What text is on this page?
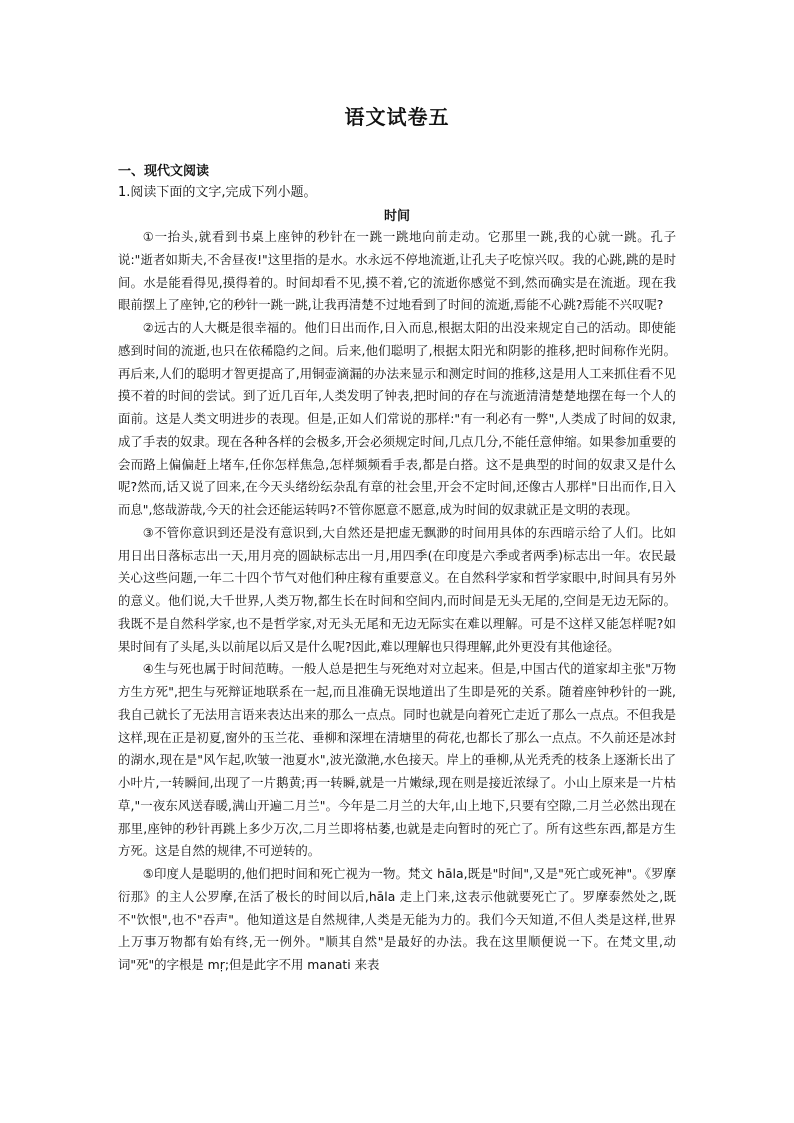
语文试卷五
一、现代文阅读

1.阅读下面的文字,完成下列小题。

时间

①一抬头,就看到书桌上座钟的秒针在一跳一跳地向前走动。它那里一跳,我的心就一跳。孔子说:"逝者如斯夫,不舍昼夜!"这里指的是水。水永远不停地流逝,让孔夫子吃惊兴叹。我的心跳,跳的是时间。水是能看得见,摸得着的。时间却看不见,摸不着,它的流逝你感觉不到,然而确实是在流逝。现在我眼前摆上了座钟,它的秒针一跳一跳,让我再清楚不过地看到了时间的流逝,焉能不心跳?焉能不兴叹呢?

②远古的人大概是很幸福的。他们日出而作,日入而息,根据太阳的出没来规定自己的活动。即使能感到时间的流逝,也只在依稀隐约之间。后来,他们聪明了,根据太阳光和阴影的推移,把时间称作光阴。再后来,人们的聪明才智更提高了,用铜壶滴漏的办法来显示和测定时间的推移,这是用人工来抓住看不见摸不着的时间的尝试。到了近几百年,人类发明了钟表,把时间的存在与流逝清清楚楚地摆在每一个人的面前。这是人类文明进步的表现。但是,正如人们常说的那样:"有一利必有一弊",人类成了时间的奴隶,成了手表的奴隶。现在各种各样的会极多,开会必须规定时间,几点几分,不能任意伸缩。如果参加重要的会而路上偏偏赶上堵车,任你怎样焦急,怎样频频看手表,都是白搭。这不是典型的时间的奴隶又是什么呢?然而,话又说了回来,在今天头绪纷纭杂乱有章的社会里,开会不定时间,还像古人那样"日出而作,日入而息",悠哉游哉,今天的社会还能运转吗?不管你愿意不愿意,成为时间的奴隶就正是文明的表现。

③不管你意识到还是没有意识到,大自然还是把虚无飘渺的时间用具体的东西暗示给了人们。比如用日出日落标志出一天,用月亮的圆缺标志出一月,用四季(在印度是六季或者两季)标志出一年。农民最关心这些问题,一年二十四个节气对他们种庄稼有重要意义。在自然科学家和哲学家眼中,时间具有另外的意义。他们说,大千世界,人类万物,都生长在时间和空间内,而时间是无头无尾的,空间是无边无际的。我既不是自然科学家,也不是哲学家,对无头无尾和无边无际实在难以理解。可是不这样又能怎样呢?如果时间有了头尾,头以前尾以后又是什么呢?因此,难以理解也只得理解,此外更没有其他途径。

④生与死也属于时间范畴。一般人总是把生与死绝对对立起来。但是,中国古代的道家却主张"万物方生方死",把生与死辩证地联系在一起,而且准确无误地道出了生即是死的关系。随着座钟秒针的一跳,我自己就长了无法用言语来表达出来的那么一点点。同时也就是向着死亡走近了那么一点点。不但我是这样,现在正是初夏,窗外的玉兰花、垂柳和深埋在清塘里的荷花,也都长了那么一点点。不久前还是冰封的湖水,现在是"风乍起,吹皱一池夏水",波光潋滟,水色接天。岸上的垂柳,从光秃秃的枝条上逐渐长出了小叶片,一转瞬间,出现了一片鹅黄;再一转瞬,就是一片嫩绿,现在则是接近浓绿了。小山上原来是一片枯草,"一夜东风送春暖,满山开遍二月兰"。今年是二月兰的大年,山上地下,只要有空隙,二月兰必然出现在那里,座钟的秒针再跳上多少万次,二月兰即将枯萎,也就是走向暂时的死亡了。所有这些东西,都是方生方死。这是自然的规律,不可逆转的。

⑤印度人是聪明的,他们把时间和死亡视为一物。梵文 hāla,既是"时间",又是"死亡或死神"。《罗摩衍那》的主人公罗摩,在活了极长的时间以后,hāla 走上门来,这表示他就要死亡了。罗摩泰然处之,既不"饮恨",也不"吞声"。他知道这是自然规律,人类是无能为力的。我们今天知道,不但人类是这样,世界上万事万物都有始有终,无一例外。"顺其自然"是最好的办法。我在这里顺便说一下。在梵文里,动词"死"的字根是 mṛ;但是此字不用 manati 来表
